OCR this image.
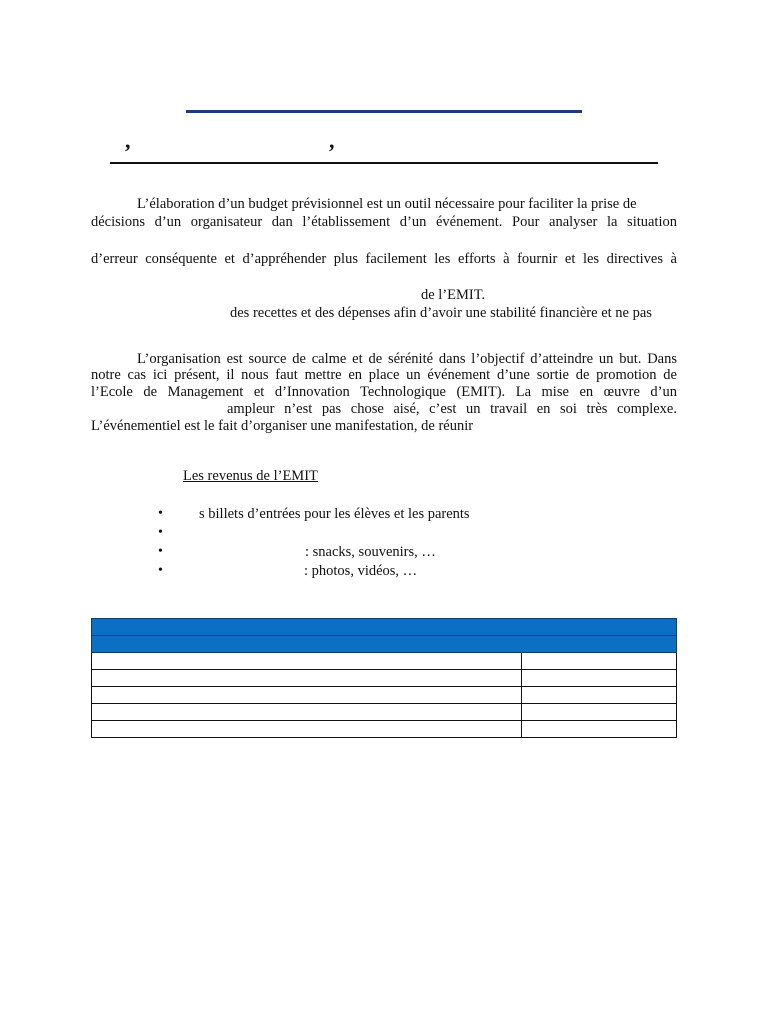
,	,
L’élaboration d’un budget prévisionnel est un outil nécessaire pour faciliter la prise de
décisions d’un organisateur dan l’établissement d’un événement. Pour analyser la situation
d’erreur conséquente et d’appréhender plus facilement les efforts à fournir et les directives à
de l’EMIT.
des recettes et des dépenses afin d’avoir une stabilité financière et ne pas
L’organisation est source de calme et de sérénité dans l’objectif d’atteindre un but. Dans
notre cas ici présent, il nous faut mettre en place un événement d’une sortie de promotion de
l’Ecole de Management et d’Innovation Technologique (EMIT). La mise en œuvre d’un
ampleur n’est pas chose aisé, c’est un travail en soi très complexe.
L’événementiel est le fait d’organiser une manifestation, de réunir
Les revenus de l’EMIT
• s billets d’entrées pour les élèves et les parents
•
•	: snacks, souvenirs, …
•	: photos, vidéos, …
